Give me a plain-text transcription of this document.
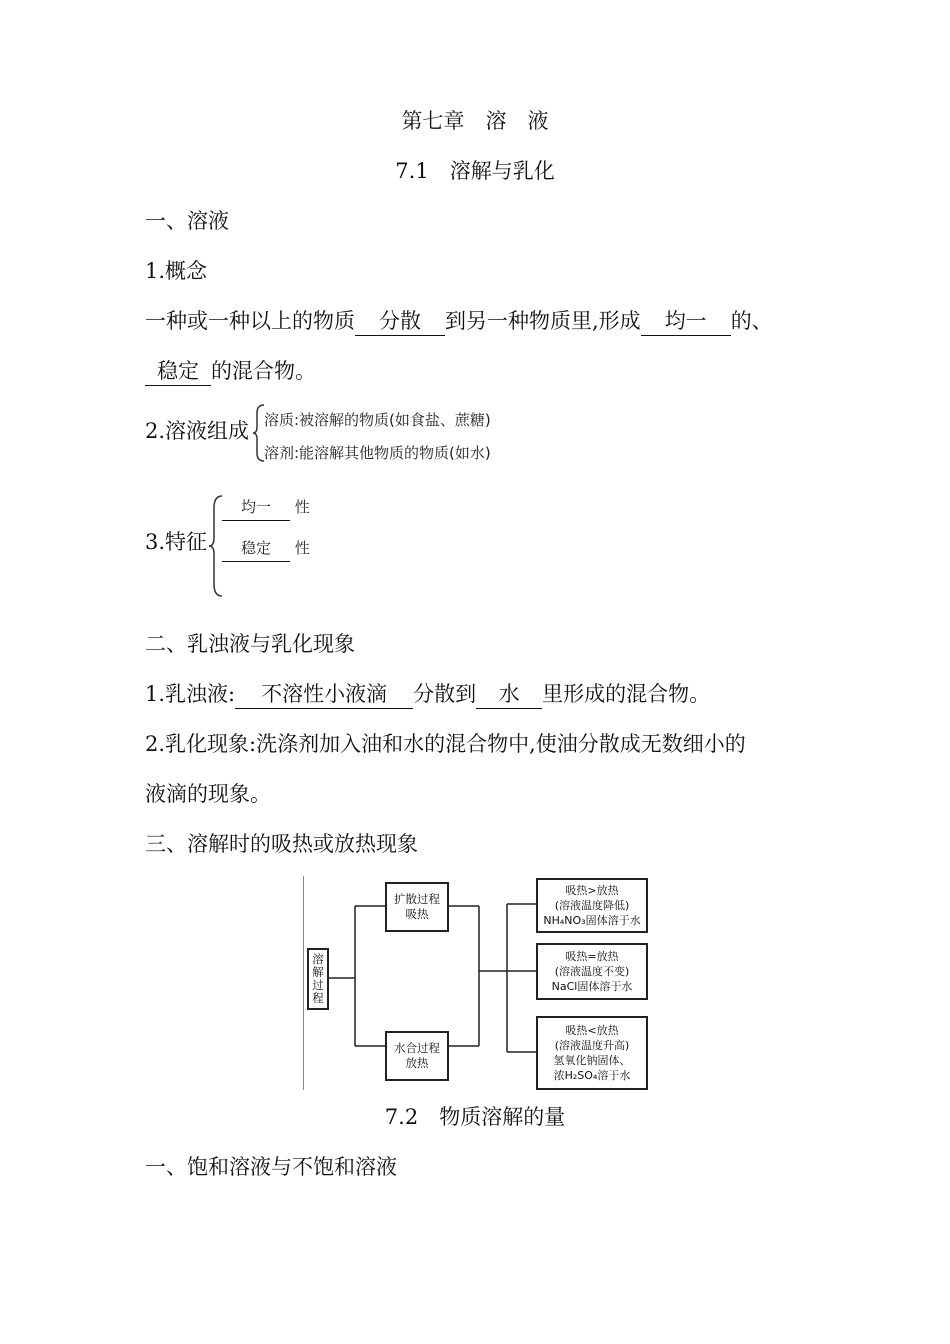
第七章　溶　液
7.1　溶解与乳化
一、溶液
1.概念
一种或一种以上的物质 分散 到另一种物质里,形成 均一 的、
稳定 的混合物。
2.溶液组成 溶质:被溶解的物质(如食盐、蔗糖)
溶剂:能溶解其他物质的物质(如水)
3.特征
均一 性
稳定 性
二、乳浊液与乳化现象
1.乳浊液: 不溶性小液滴 分散到 水 里形成的混合物。
2.乳化现象:洗涤剂加入油和水的混合物中,使油分散成无数细小的
液滴的现象。
三、溶解时的吸热或放热现象
溶
解
过
程
扩散过程
吸热
水合过程
放热
吸热>放热
(溶液温度降低)
NH₄NO₃固体溶于水
吸热=放热
(溶液温度不变)
NaCl固体溶于水
吸热<放热
(溶液温度升高)
氢氧化钠固体、
浓H₂SO₄溶于水
7.2　物质溶解的量
一、饱和溶液与不饱和溶液
